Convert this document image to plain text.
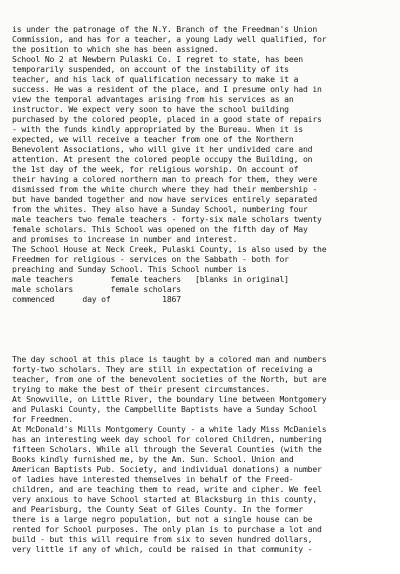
is under the patronage of the N.Y. Branch of the Freedman's Union
Commission, and has for a teacher, a young Lady well qualified, for
the position to which she has been assigned.
School No 2 at Newbern Pulaski Co. I regret to state, has been
temporarily suspended, on account of the instability of its
teacher, and his lack of qualification necessary to make it a
success. He was a resident of the place, and I presume only had in
view the temporal advantages arising from his services as an
instructor. We expect very soon to have the school building
purchased by the colored people, placed in a good state of repairs
- with the funds kindly appropriated by the Bureau. When it is
expected, we will receive a teacher from one of the Northern
Benevolent Associations, who will give it her undivided care and
attention. At present the colored people occupy the Building, on
the 1st day of the week, for religious worship. On account of
their having a colored northern man to preach for them, they were
dismissed from the white church where they had their membership -
but have banded together and now have services entirely separated
from the whites. They also have a Sunday School, numbering four
male teachers two female teachers - forty-six male scholars twenty
female scholars. This School was opened on the fifth day of May
and promises to increase in number and interest.
The School House at Neck Creek, Pulaski County, is also used by the
Freedmen for religious - services on the Sabbath - both for
preaching and Sunday School. This School number is
male teachers        female teachers   [blanks in original]
male scholars        female scholars
commenced      day of           1867

The day school at this place is taught by a colored man and numbers
forty-two scholars. They are still in expectation of receiving a
teacher, from one of the benevolent societies of the North, but are
trying to make the best of their present circumstances.
At Snowville, on Little River, the boundary line between Montgomery
and Pulaski County, the Campbellite Baptists have a Sunday School
for Freedmen.
At McDonald's Mills Montgomery County - a white lady Miss McDaniels
has an interesting week day school for colored Children, numbering
fifteen Scholars. While all through the Several Counties (with the
Books kindly furnished me, by the Am. Sun. School. Union and
American Baptists Pub. Society, and individual donations) a number
of ladies have interested themselves in behalf of the Freed-
children, and are teaching them to read, write and cipher. We feel
very anxious to have School started at Blacksburg in this county,
and Pearisburg, the County Seat of Giles County. In the former
there is a large negro population, but not a single house can be
rented for School purposes. The only plan is to purchase a lot and
build - but this will require from six to seven hundred dollars,
very little if any of which, could be raised in that community -
